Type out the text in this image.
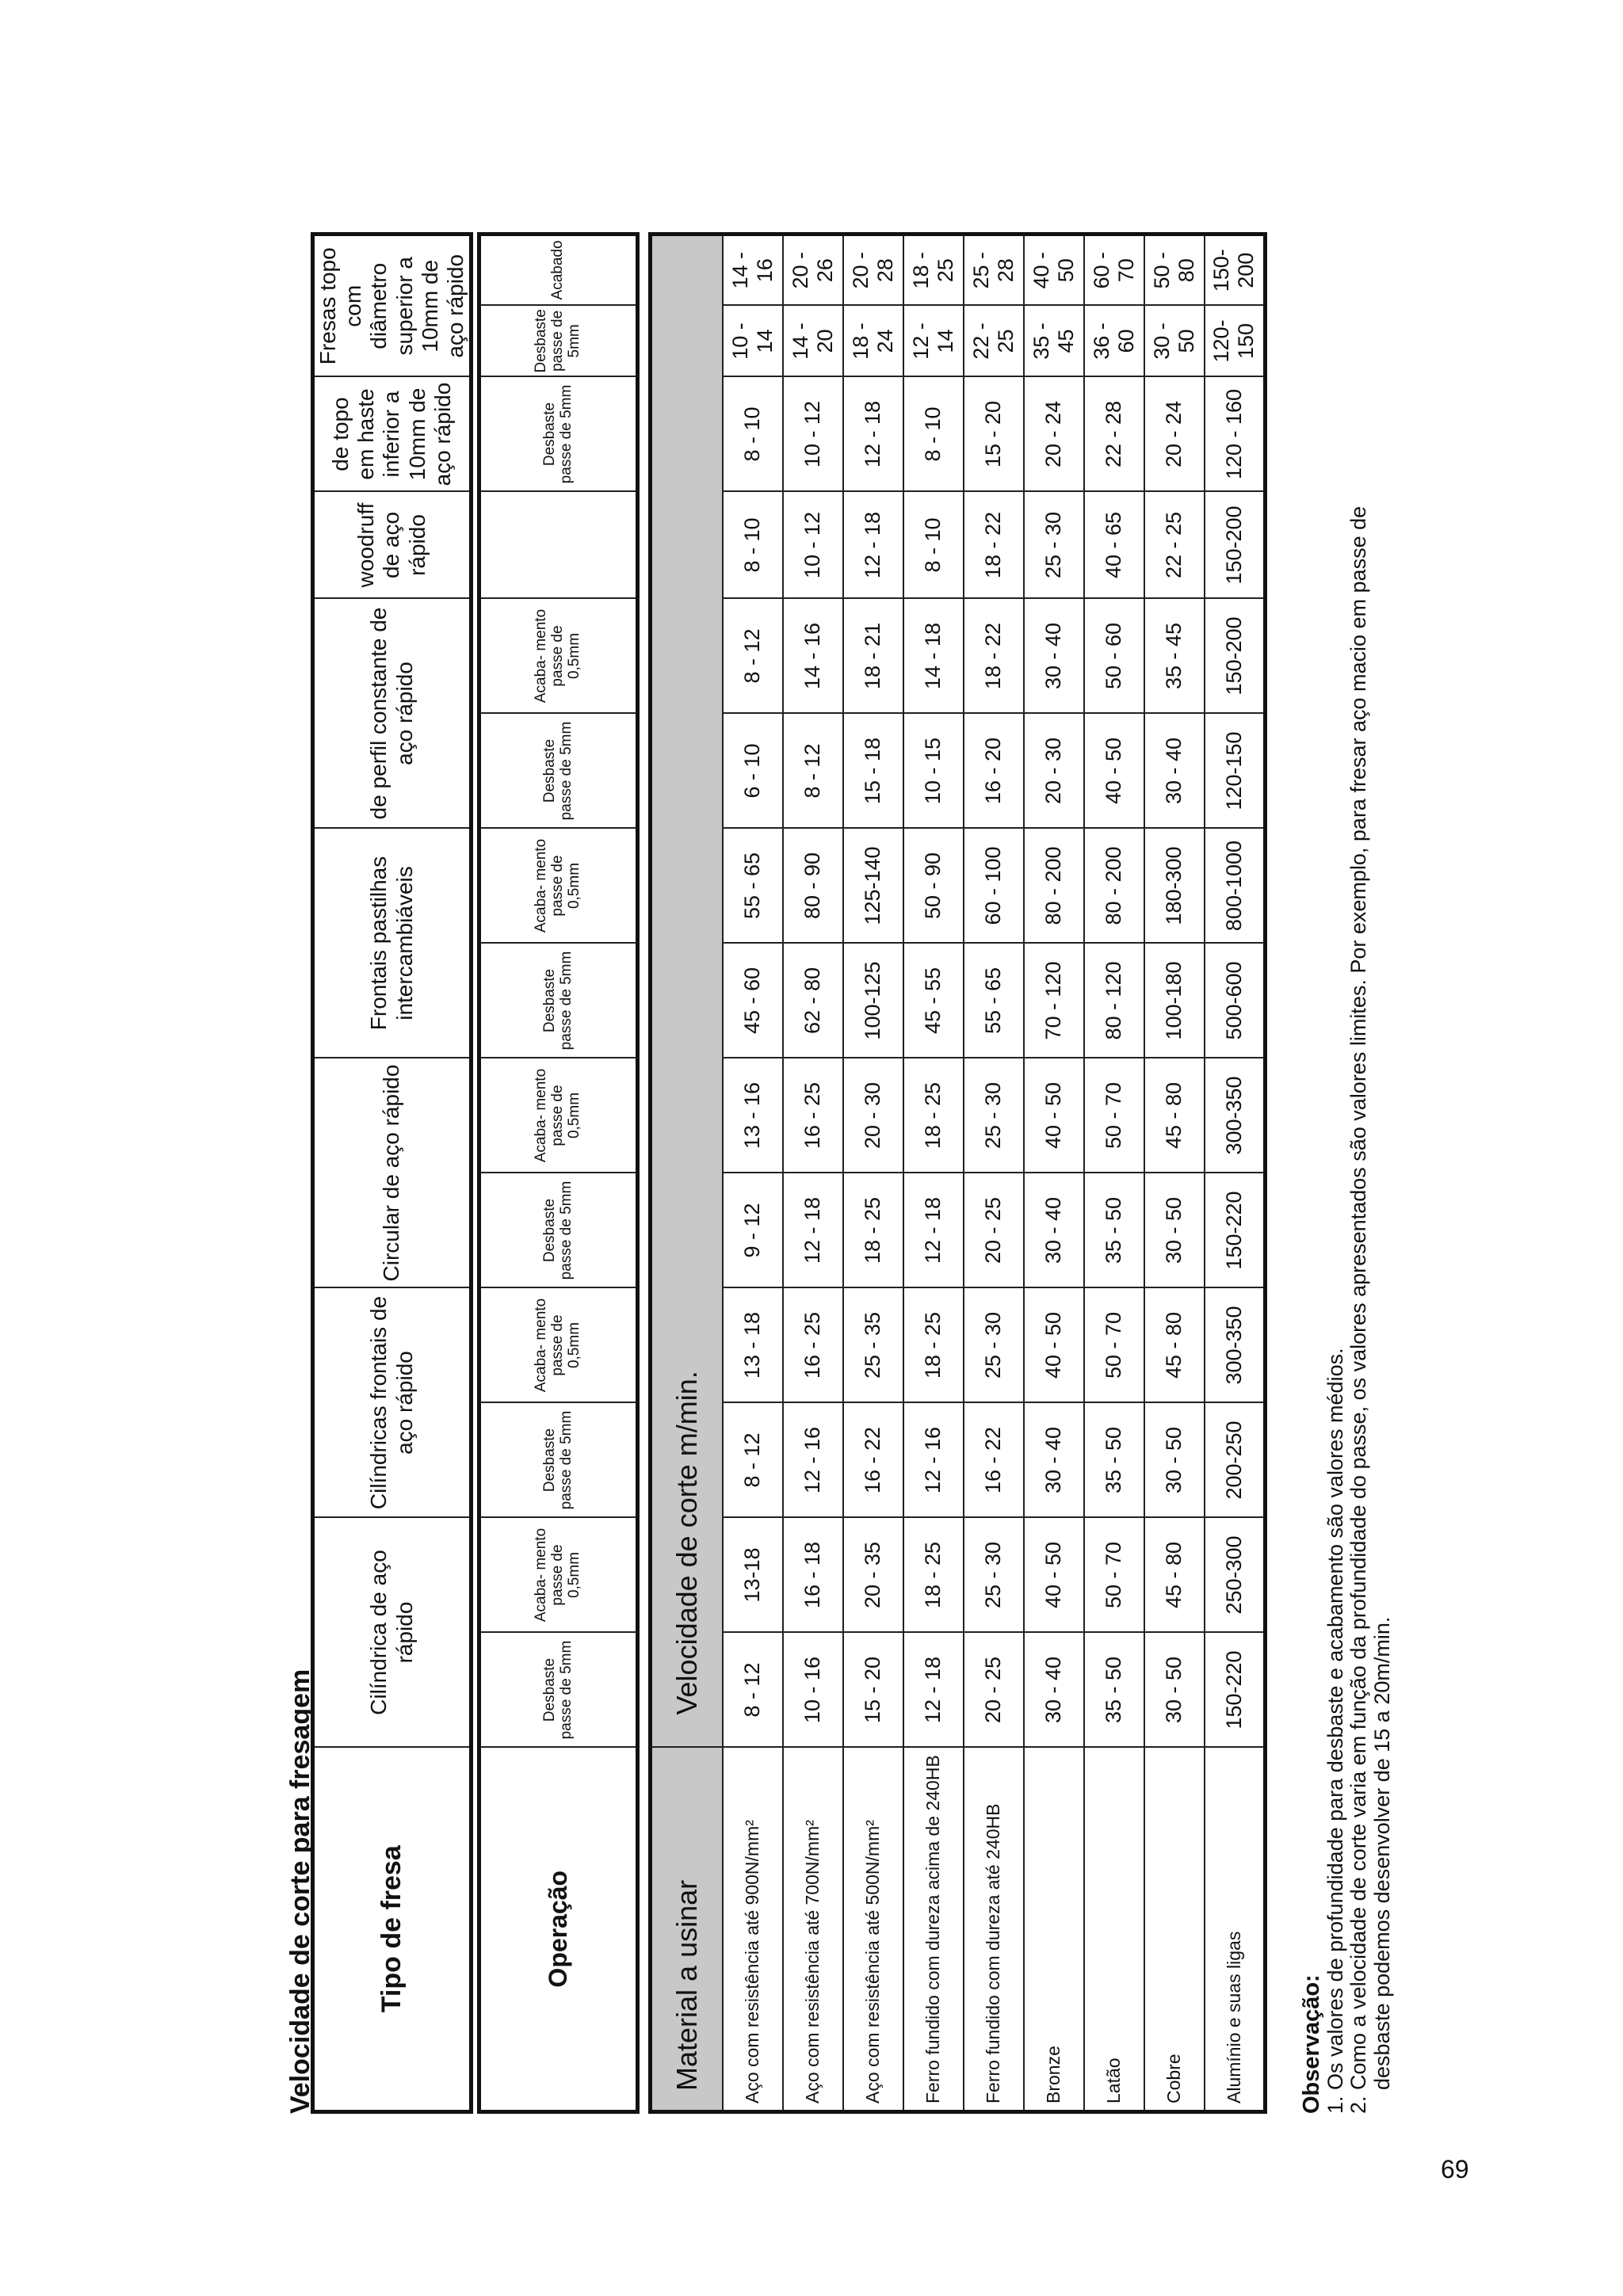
Velocidade de corte para fresagem Tipo de fresa	Cilíndrica de aço rápido	Cilíndricas frontais de aço rápido	Circular de aço rápido	Frontais pastilhas intercambiáveis	de perfil constante de aço rápido	woodruff de aço rápido	de topo em haste inferior a 10mm de aço rápido	Fresas topo com diâmetro superior a 10mm de aço rápido
Operação	Desbaste passe de 5mm	Acaba- mento passe de 0,5mm	Desbaste passe de 5mm	Acaba- mento passe de 0,5mm	Desbaste passe de 5mm	Acaba- mento passe de 0,5mm	Desbaste passe de 5mm	Acaba- mento passe de 0,5mm	Desbaste passe de 5mm	Acaba- mento passe de 0,5mm		Desbaste passe de 5mm	Desbaste passe de 5mm	Acabado
Material a usinar	Velocidade de corte m/min.													
Aço com resistência até 900N/mm²	8 - 12	13-18	8 - 12	13 - 18	9 - 12	13 - 16	45 - 60	55 - 65	6 - 10	8 - 12	8 - 10	8 - 10	10 - 14	14 - 16
Aço com resistência até 700N/mm²	10 - 16	16 - 18	12 - 16	16 - 25	12 - 18	16 - 25	62 - 80	80 - 90	8 - 12	14 - 16	10 - 12	10 - 12	14 - 20	20 - 26
Aço com resistência até 500N/mm²	15 - 20	20 - 35	16 - 22	25 - 35	18 - 25	20 - 30	100-125	125-140	15 - 18	18 - 21	12 - 18	12 - 18	18 - 24	20 - 28
Ferro fundido com dureza acima de 240HB	12 - 18	18 - 25	12 - 16	18 - 25	12 - 18	18 - 25	45 - 55	50 - 90	10 - 15	14 - 18	8 - 10	8 - 10	12 - 14	18 - 25
Ferro fundido com dureza até 240HB	20 - 25	25 - 30	16 - 22	25 - 30	20 - 25	25 - 30	55 - 65	60 - 100	16 - 20	18 - 22	18 - 22	15 - 20	22 - 25	25 - 28
Bronze	30 - 40	40 - 50	30 - 40	40 - 50	30 - 40	40 - 50	70 - 120	80 - 200	20 - 30	30 - 40	25 - 30	20 - 24	35 - 45	40 - 50
Latão	35 - 50	50 - 70	35 - 50	50 - 70	35 - 50	50 - 70	80 - 120	80 - 200	40 - 50	50 - 60	40 - 65	22 - 28	36 - 60	60 - 70
Cobre	30 - 50	45 - 80	30 - 50	45 - 80	30 - 50	45 - 80	100-180	180-300	30 - 40	35 - 45	22 - 25	20 - 24	30 - 50	50 - 80
Alumínio e suas ligas	150-220	250-300	200-250	300-350	150-220	300-350	500-600	800-1000	120-150	150-200	150-200	120 - 160	120-150	150-200
Observação: 1. Os valores de profundidade para desbaste e acabamento são valores médios. 2. Como a velocidade de corte varia em função da profundidade do passe, os valores apresentados são valores limites. Por exemplo, para fresar aço macio em passe de desbaste podemos desenvolver de 15 a 20m/min.
69
